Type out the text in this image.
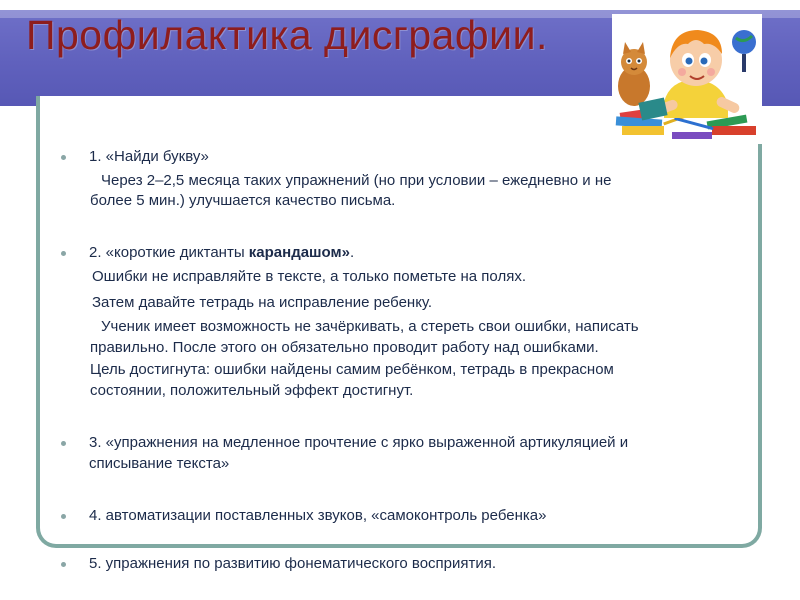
Профилактика дисграфии.
1. «Найди букву»
Через 2–2,5 месяца таких упражнений (но при условии – ежедневно и не
более 5 мин.) улучшается качество письма.
2. «короткие диктанты карандашом».
Ошибки не исправляйте в тексте, а только пометьте на полях.
Затем давайте тетрадь на исправление ребенку.
Ученик имеет возможность не зачёркивать, а стереть свои ошибки, написать
правильно. После этого он обязательно проводит работу над ошибками.
Цель достигнута: ошибки найдены самим ребёнком, тетрадь в прекрасном
состоянии, положительный эффект достигнут.
3. «упражнения на медленное прочтение с ярко выраженной артикуляцией и
списывание текста»
4. автоматизации поставленных звуков, «самоконтроль ребенка»
5. упражнения по развитию фонематического восприятия.
